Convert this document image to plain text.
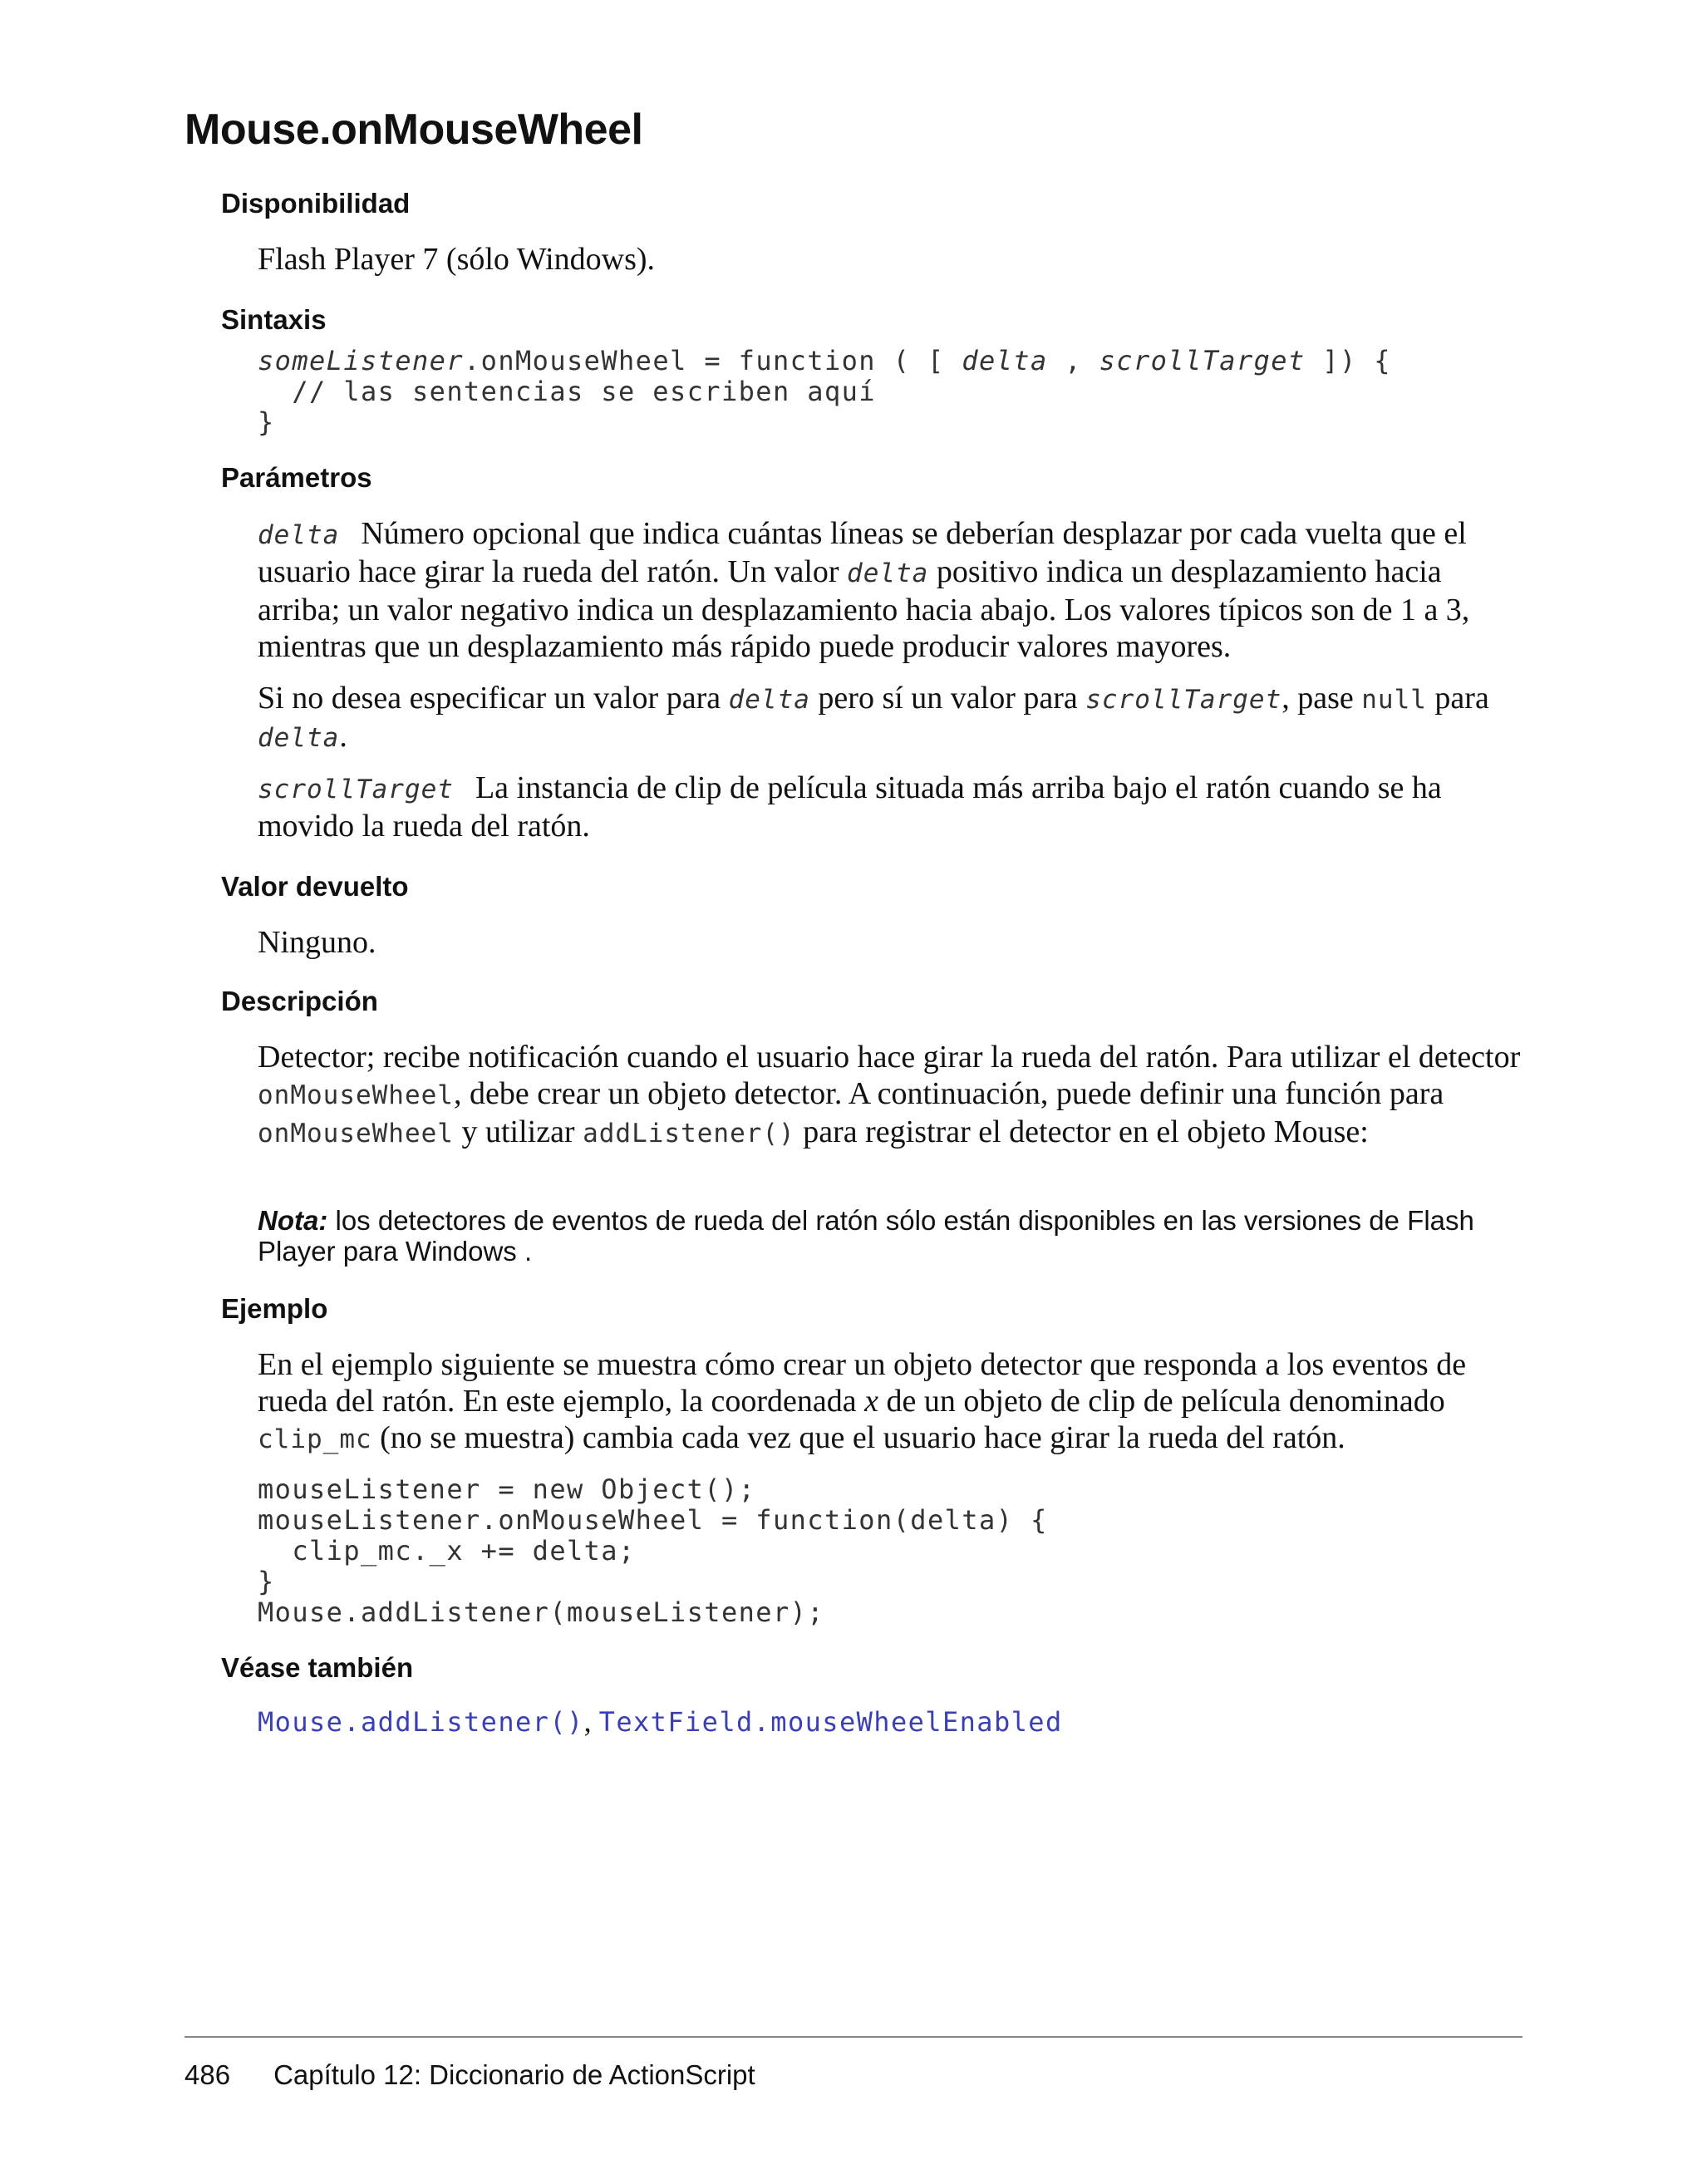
Mouse.onMouseWheel
Disponibilidad

Flash Player 7 (sólo Windows).

Sintaxis
someListener.onMouseWheel = function ( [ delta , scrollTarget ]) {
// las sentencias se escriben aquí
}
Parámetros

delta Número opcional que indica cuántas líneas se deberían desplazar por cada vuelta que el usuario hace girar la rueda del ratón. Un valor delta positivo indica un desplazamiento hacia arriba; un valor negativo indica un desplazamiento hacia abajo. Los valores típicos son de 1 a 3, mientras que un desplazamiento más rápido puede producir valores mayores.

Si no desea especificar un valor para delta pero sí un valor para scrollTarget, pase null para delta.

scrollTarget La instancia de clip de película situada más arriba bajo el ratón cuando se ha movido la rueda del ratón.

Valor devuelto

Ninguno.

Descripción

Detector; recibe notificación cuando el usuario hace girar la rueda del ratón. Para utilizar el detector onMouseWheel, debe crear un objeto detector. A continuación, puede definir una función para onMouseWheel y utilizar addListener() para registrar el detector en el objeto Mouse:

Nota: los detectores de eventos de rueda del ratón sólo están disponibles en las versiones de Flash Player para Windows .

Ejemplo

En el ejemplo siguiente se muestra cómo crear un objeto detector que responda a los eventos de rueda del ratón. En este ejemplo, la coordenada x de un objeto de clip de película denominado clip_mc (no se muestra) cambia cada vez que el usuario hace girar la rueda del ratón.

mouseListener = new Object();
mouseListener.onMouseWheel = function(delta) {
clip_mc._x += delta;
}
Mouse.addListener(mouseListener);
Véase también

Mouse.addListener(), TextField.mouseWheelEnabled

486 Capítulo 12: Diccionario de ActionScript
